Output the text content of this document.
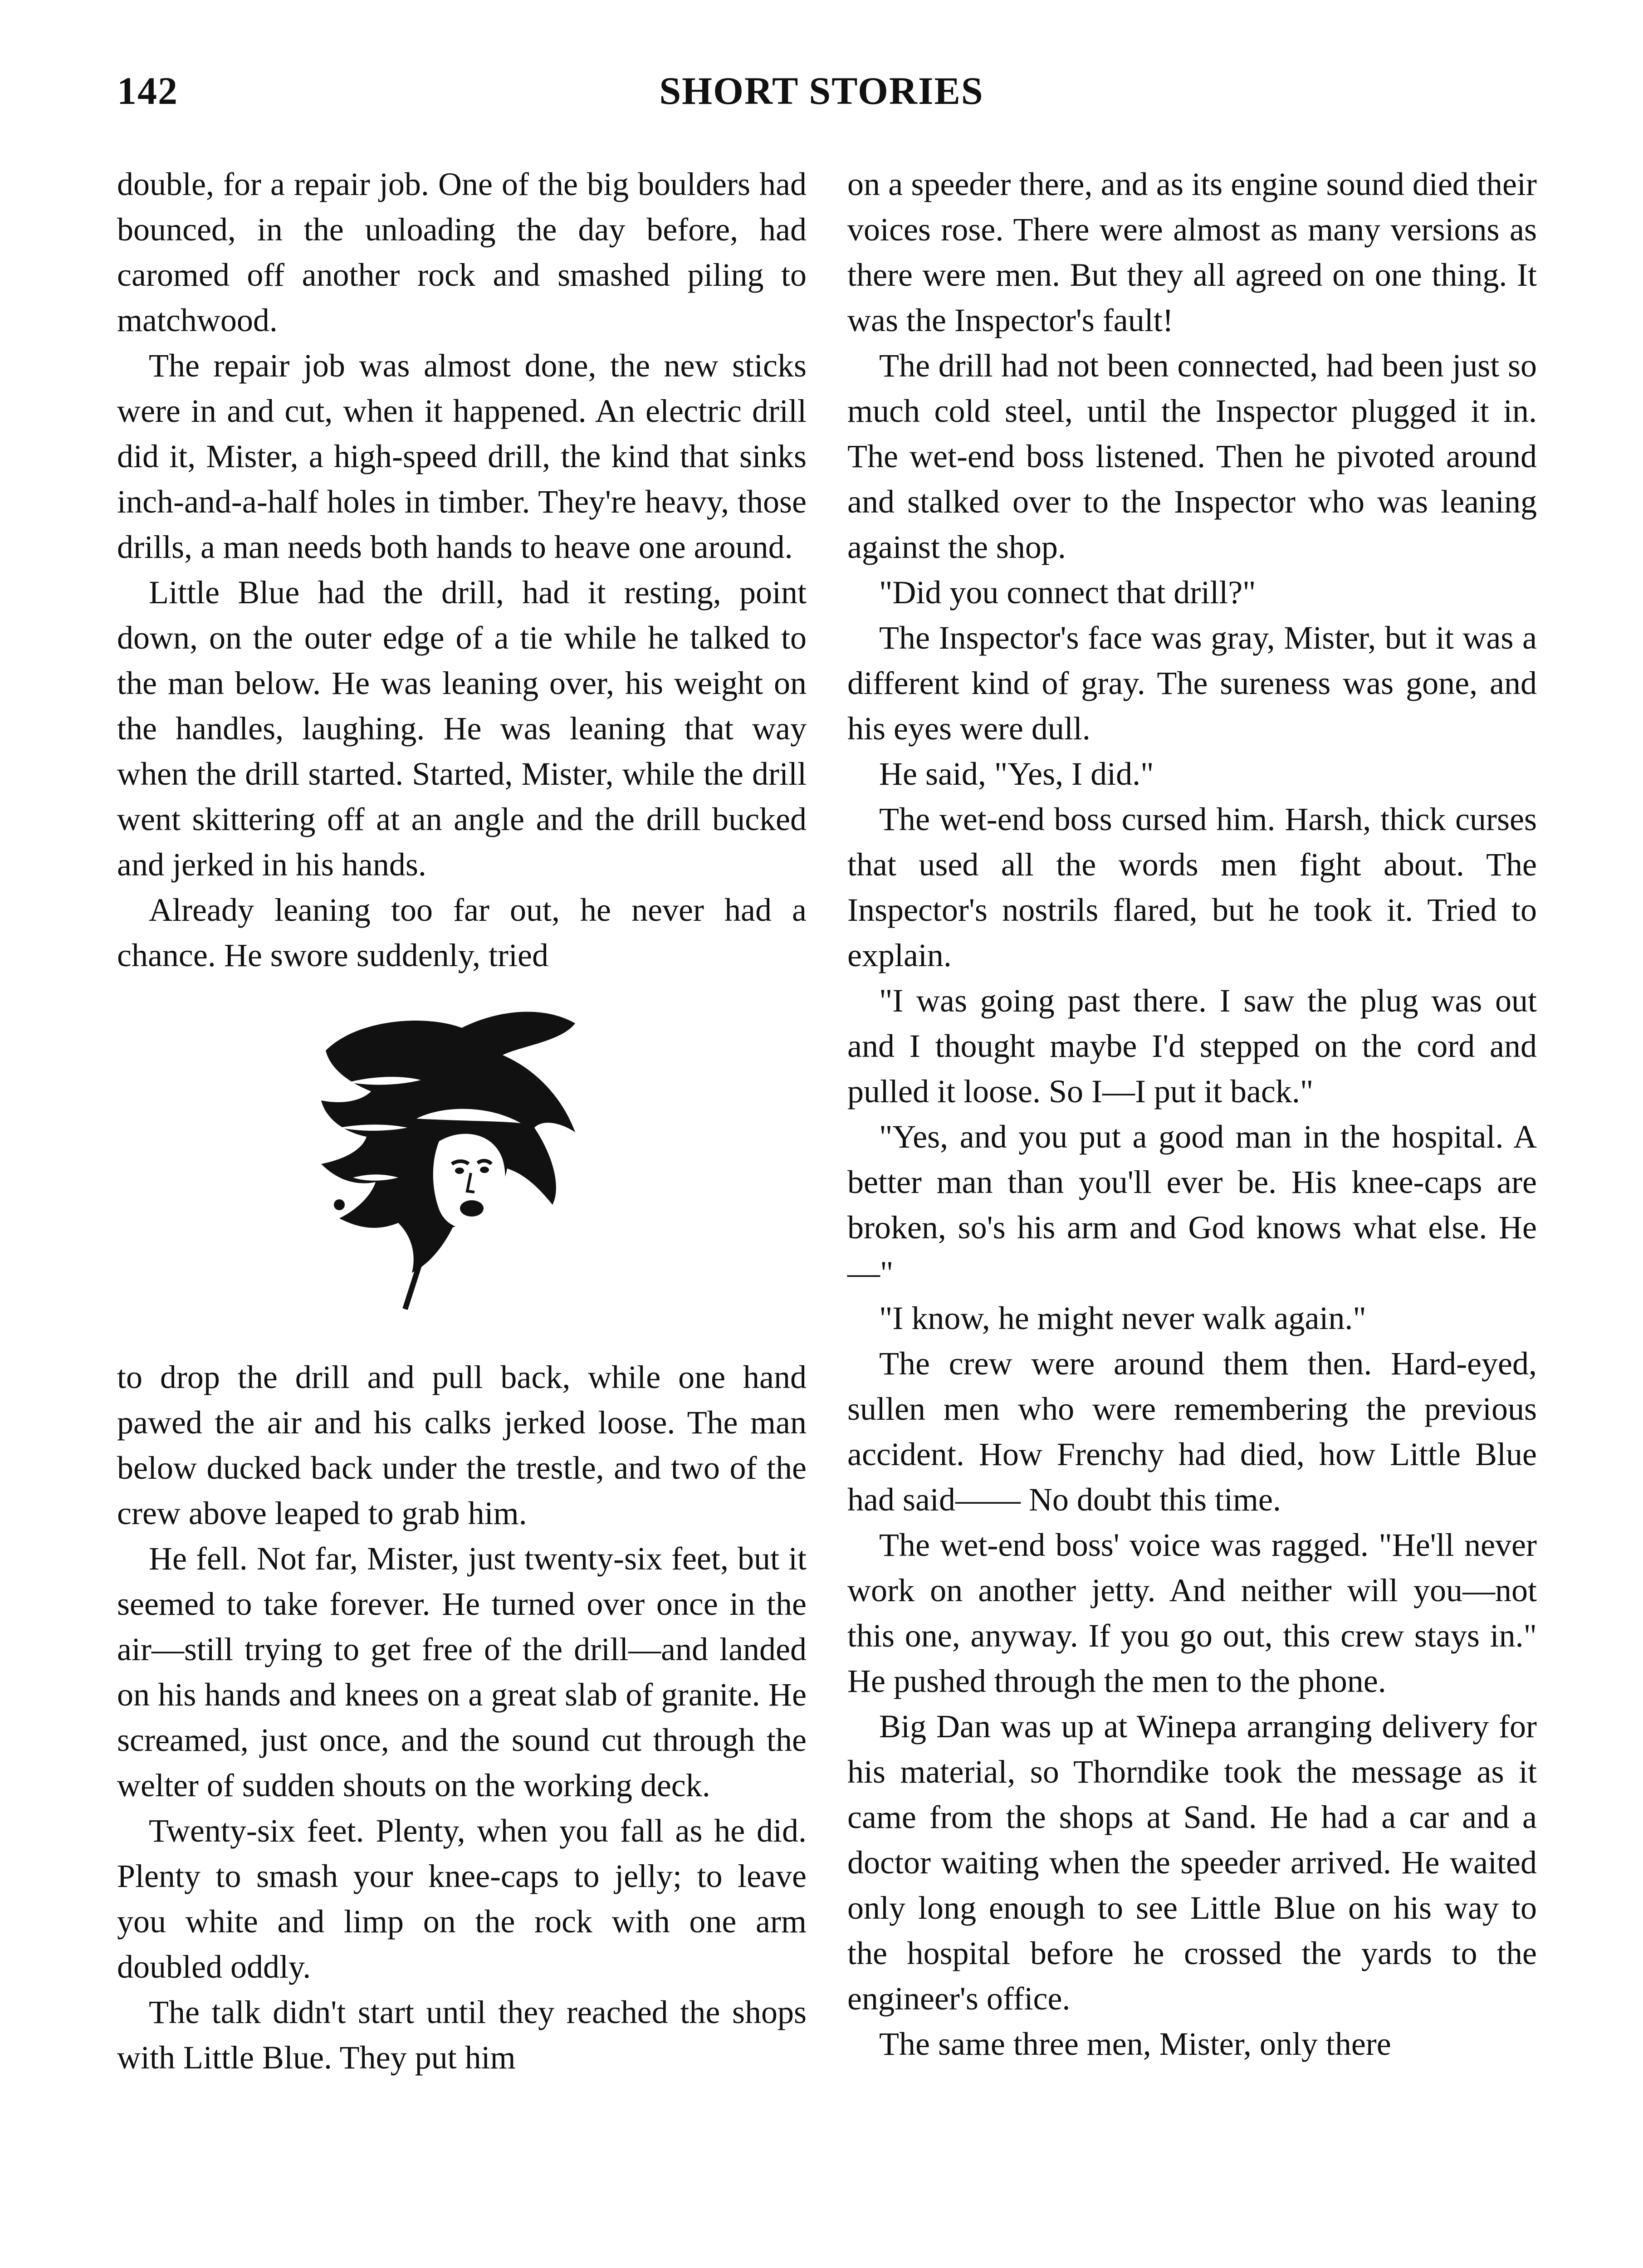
142	SHORT STORIES

double, for a repair job. One of the big boulders had bounced, in the unloading the day before, had caromed off another rock and smashed piling to matchwood.

The repair job was almost done, the new sticks were in and cut, when it happened. An electric drill did it, Mister, a high-speed drill, the kind that sinks inch-and-a-half holes in timber. They're heavy, those drills, a man needs both hands to heave one around.

Little Blue had the drill, had it resting, point down, on the outer edge of a tie while he talked to the man below. He was leaning over, his weight on the handles, laughing. He was leaning that way when the drill started. Started, Mister, while the drill went skittering off at an angle and the drill bucked and jerked in his hands.

Already leaning too far out, he never had a chance. He swore suddenly, tried

to drop the drill and pull back, while one hand pawed the air and his calks jerked loose. The man below ducked back under the trestle, and two of the crew above leaped to grab him.

He fell. Not far, Mister, just twenty-six feet, but it seemed to take forever. He turned over once in the air—still trying to get free of the drill—and landed on his hands and knees on a great slab of granite. He screamed, just once, and the sound cut through the welter of sudden shouts on the working deck.

Twenty-six feet. Plenty, when you fall as he did. Plenty to smash your knee-caps to jelly; to leave you white and limp on the rock with one arm doubled oddly.

The talk didn't start until they reached the shops with Little Blue. They put him

on a speeder there, and as its engine sound died their voices rose. There were almost as many versions as there were men. But they all agreed on one thing. It was the Inspector's fault!

The drill had not been connected, had been just so much cold steel, until the Inspector plugged it in. The wet-end boss listened. Then he pivoted around and stalked over to the Inspector who was leaning against the shop.

"Did you connect that drill?"

The Inspector's face was gray, Mister, but it was a different kind of gray. The sureness was gone, and his eyes were dull.

He said, "Yes, I did."

The wet-end boss cursed him. Harsh, thick curses that used all the words men fight about. The Inspector's nostrils flared, but he took it. Tried to explain.

"I was going past there. I saw the plug was out and I thought maybe I'd stepped on the cord and pulled it loose. So I—I put it back."

"Yes, and you put a good man in the hospital. A better man than you'll ever be. His knee-caps are broken, so's his arm and God knows what else. He—"

"I know, he might never walk again."

The crew were around them then. Hard-eyed, sullen men who were remembering the previous accident. How Frenchy had died, how Little Blue had said—— No doubt this time.

The wet-end boss' voice was ragged. "He'll never work on another jetty. And neither will you—not this one, anyway. If you go out, this crew stays in." He pushed through the men to the phone.

Big Dan was up at Winepa arranging delivery for his material, so Thorndike took the message as it came from the shops at Sand. He had a car and a doctor waiting when the speeder arrived. He waited only long enough to see Little Blue on his way to the hospital before he crossed the yards to the engineer's office.

The same three men, Mister, only there
